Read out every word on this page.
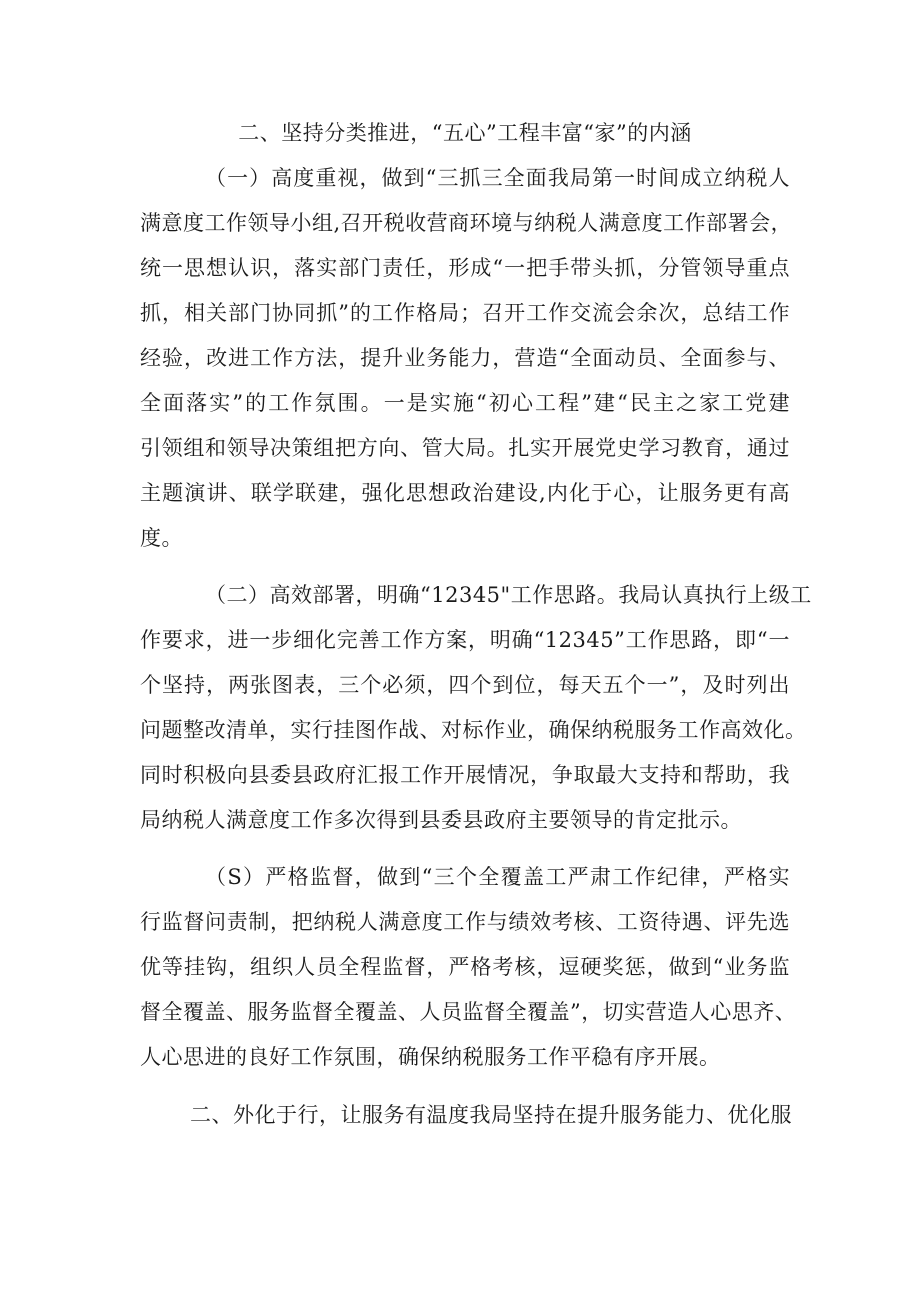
二、坚持分类推进，“五心”工程丰富“家”的内涵
（一）高度重视，做到“三抓三全面我局第一时间成立纳税人
满意度工作领导小组,召开税收营商环境与纳税人满意度工作部署会，
统一思想认识，落实部门责任，形成“一把手带头抓，分管领导重点
抓，相关部门协同抓”的工作格局；召开工作交流会余次，总结工作
经验，改进工作方法，提升业务能力，营造“全面动员、全面参与、
全面落实”的工作氛围。一是实施“初心工程”建“民主之家工党建
引领组和领导决策组把方向、管大局。扎实开展党史学习教育，通过
主题演讲、联学联建，强化思想政治建设,内化于心，让服务更有高
度。
（二）高效部署，明确“12345"工作思路。我局认真执行上级工
作要求，进一步细化完善工作方案，明确“12345”工作思路，即“一
个坚持，两张图表，三个必须，四个到位，每天五个一”，及时列出
问题整改清单，实行挂图作战、对标作业，确保纳税服务工作高效化。
同时积极向县委县政府汇报工作开展情况，争取最大支持和帮助，我
局纳税人满意度工作多次得到县委县政府主要领导的肯定批示。
（S）严格监督，做到“三个全覆盖工严肃工作纪律，严格实
行监督问责制，把纳税人满意度工作与绩效考核、工资待遇、评先选
优等挂钩，组织人员全程监督，严格考核，逗硬奖惩，做到“业务监
督全覆盖、服务监督全覆盖、人员监督全覆盖”，切实营造人心思齐、
人心思进的良好工作氛围，确保纳税服务工作平稳有序开展。
二、外化于行，让服务有温度我局坚持在提升服务能力、优化服
